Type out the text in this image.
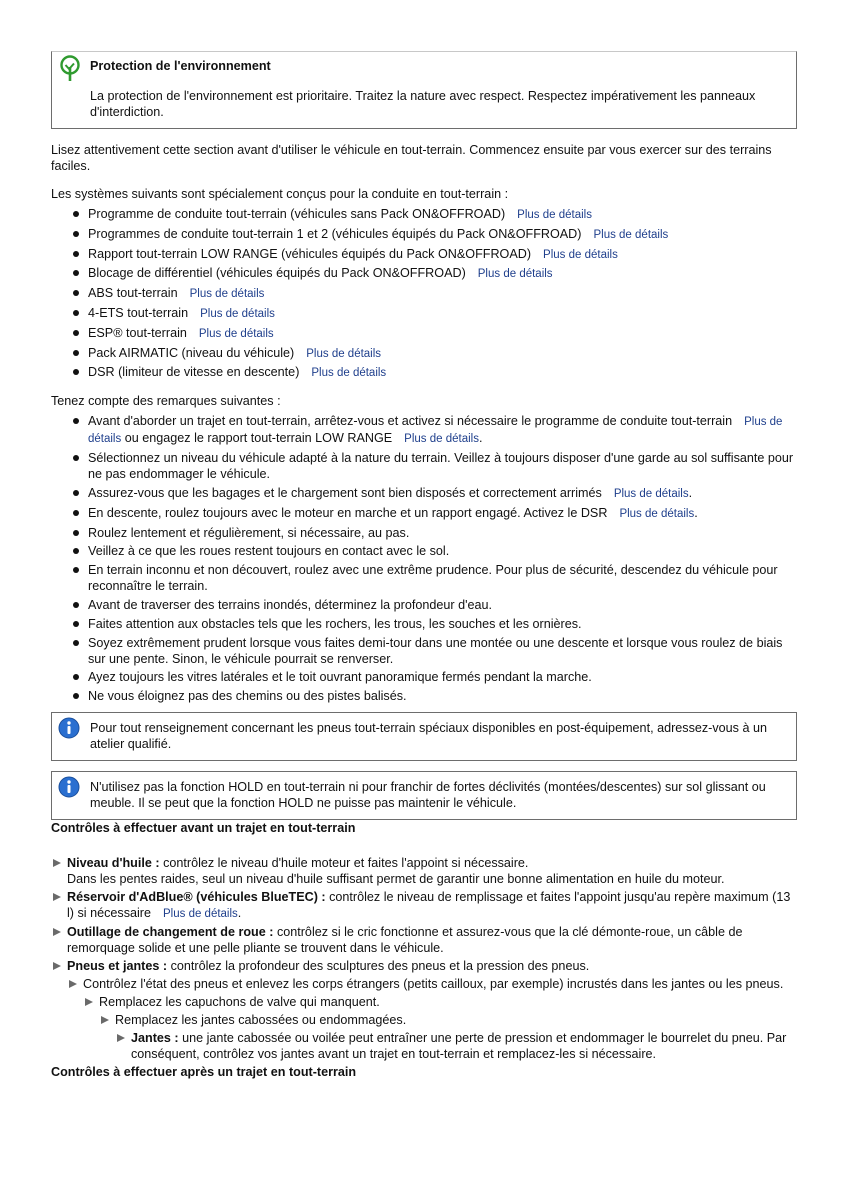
Protection de l'environnement
La protection de l'environnement est prioritaire. Traitez la nature avec respect. Respectez impérativement les panneaux d'interdiction.
Lisez attentivement cette section avant d'utiliser le véhicule en tout-terrain. Commencez ensuite par vous exercer sur des terrains faciles.
Les systèmes suivants sont spécialement conçus pour la conduite en tout-terrain :
Programme de conduite tout-terrain (véhicules sans Pack ON&OFFROAD) Plus de détails
Programmes de conduite tout-terrain 1 et 2 (véhicules équipés du Pack ON&OFFROAD) Plus de détails
Rapport tout-terrain LOW RANGE (véhicules équipés du Pack ON&OFFROAD) Plus de détails
Blocage de différentiel (véhicules équipés du Pack ON&OFFROAD) Plus de détails
ABS tout-terrain Plus de détails
4-ETS tout-terrain Plus de détails
ESP® tout-terrain Plus de détails
Pack AIRMATIC (niveau du véhicule) Plus de détails
DSR (limiteur de vitesse en descente) Plus de détails
Tenez compte des remarques suivantes :
Avant d'aborder un trajet en tout-terrain, arrêtez-vous et activez si nécessaire le programme de conduite tout-terrain Plus de détails ou engagez le rapport tout-terrain LOW RANGE Plus de détails.
Sélectionnez un niveau du véhicule adapté à la nature du terrain. Veillez à toujours disposer d'une garde au sol suffisante pour ne pas endommager le véhicule.
Assurez-vous que les bagages et le chargement sont bien disposés et correctement arrimés Plus de détails.
En descente, roulez toujours avec le moteur en marche et un rapport engagé. Activez le DSR Plus de détails.
Roulez lentement et régulièrement, si nécessaire, au pas.
Veillez à ce que les roues restent toujours en contact avec le sol.
En terrain inconnu et non découvert, roulez avec une extrême prudence. Pour plus de sécurité, descendez du véhicule pour reconnaître le terrain.
Avant de traverser des terrains inondés, déterminez la profondeur d'eau.
Faites attention aux obstacles tels que les rochers, les trous, les souches et les ornières.
Soyez extrêmement prudent lorsque vous faites demi-tour dans une montée ou une descente et lorsque vous roulez de biais sur une pente. Sinon, le véhicule pourrait se renverser.
Ayez toujours les vitres latérales et le toit ouvrant panoramique fermés pendant la marche.
Ne vous éloignez pas des chemins ou des pistes balisés.
Pour tout renseignement concernant les pneus tout-terrain spéciaux disponibles en post-équipement, adressez-vous à un atelier qualifié.
N'utilisez pas la fonction HOLD en tout-terrain ni pour franchir de fortes déclivités (montées/descentes) sur sol glissant ou meuble. Il se peut que la fonction HOLD ne puisse pas maintenir le véhicule.
Contrôles à effectuer avant un trajet en tout-terrain
Niveau d'huile : contrôlez le niveau d'huile moteur et faites l'appoint si nécessaire.
Dans les pentes raides, seul un niveau d'huile suffisant permet de garantir une bonne alimentation en huile du moteur.
Réservoir d'AdBlue® (véhicules BlueTEC) : contrôlez le niveau de remplissage et faites l'appoint jusqu'au repère maximum (13 l) si nécessaire Plus de détails.
Outillage de changement de roue : contrôlez si le cric fonctionne et assurez-vous que la clé démonte-roue, un câble de remorquage solide et une pelle pliante se trouvent dans le véhicule.
Pneus et jantes : contrôlez la profondeur des sculptures des pneus et la pression des pneus.
Contrôlez l'état des pneus et enlevez les corps étrangers (petits cailloux, par exemple) incrustés dans les jantes ou les pneus.
Remplacez les capuchons de valve qui manquent.
Remplacez les jantes cabossées ou endommagées.
Jantes : une jante cabossée ou voilée peut entraîner une perte de pression et endommager le bourrelet du pneu. Par conséquent, contrôlez vos jantes avant un trajet en tout-terrain et remplacez-les si nécessaire.
Contrôles à effectuer après un trajet en tout-terrain
